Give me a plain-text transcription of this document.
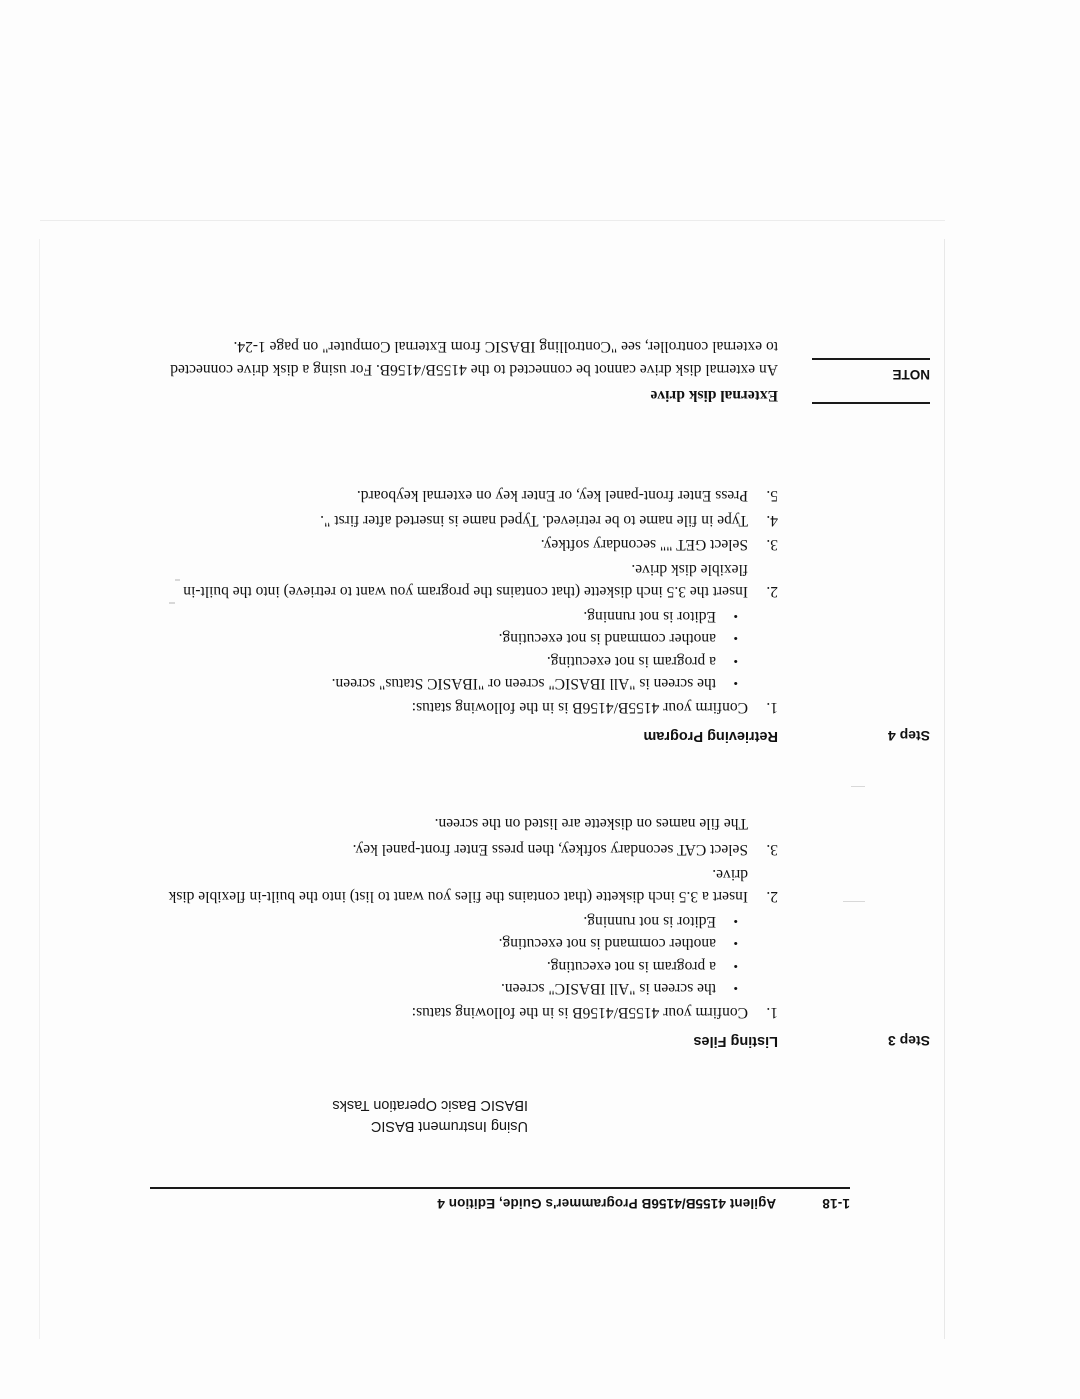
1-18
Agilent 4155B/4156B Programmer's Guide, Edition 4
Using Instrument BASIC
IBASIC Basic Operation Tasks
Step 3
Listing Files
1.
Confirm your 4155B/4156B is in the following status:
•
the screen is "All IBASIC" screen.
•
a program is not executing.
•
another command is not executing.
•
Editor is not running.
2.
Insert a 3.5 inch diskette (that contains the files you want to list) into the built-in flexible disk drive.
3.
Select CAT secondary softkey, then press Enter front-panel key.
The file names on diskette are listed on the screen.
Step 4
Retrieving Program
1.
Confirm your 4155B/4156B is in the following status:
•
the screen is "All IBASIC" screen or "IBASIC Status" screen.
•
a program is not executing.
•
another command is not executing.
•
Editor is not running.
2.
Insert the 3.5 inch diskette (that contains the program you want to retrieve) into the built-in flexible disk drive.
3.
Select GET "" secondary softkey.
4.
Type in file name to be retrieved. Typed name is inserted after first ".
5.
Press Enter front-panel key, or Enter key on external keyboard.
NOTE
External disk drive
An external disk drive cannot be connected to the 4155B/4156B. For using a disk drive connected to external controller, see "Controlling IBASIC from External Computer" on page 1-24.
